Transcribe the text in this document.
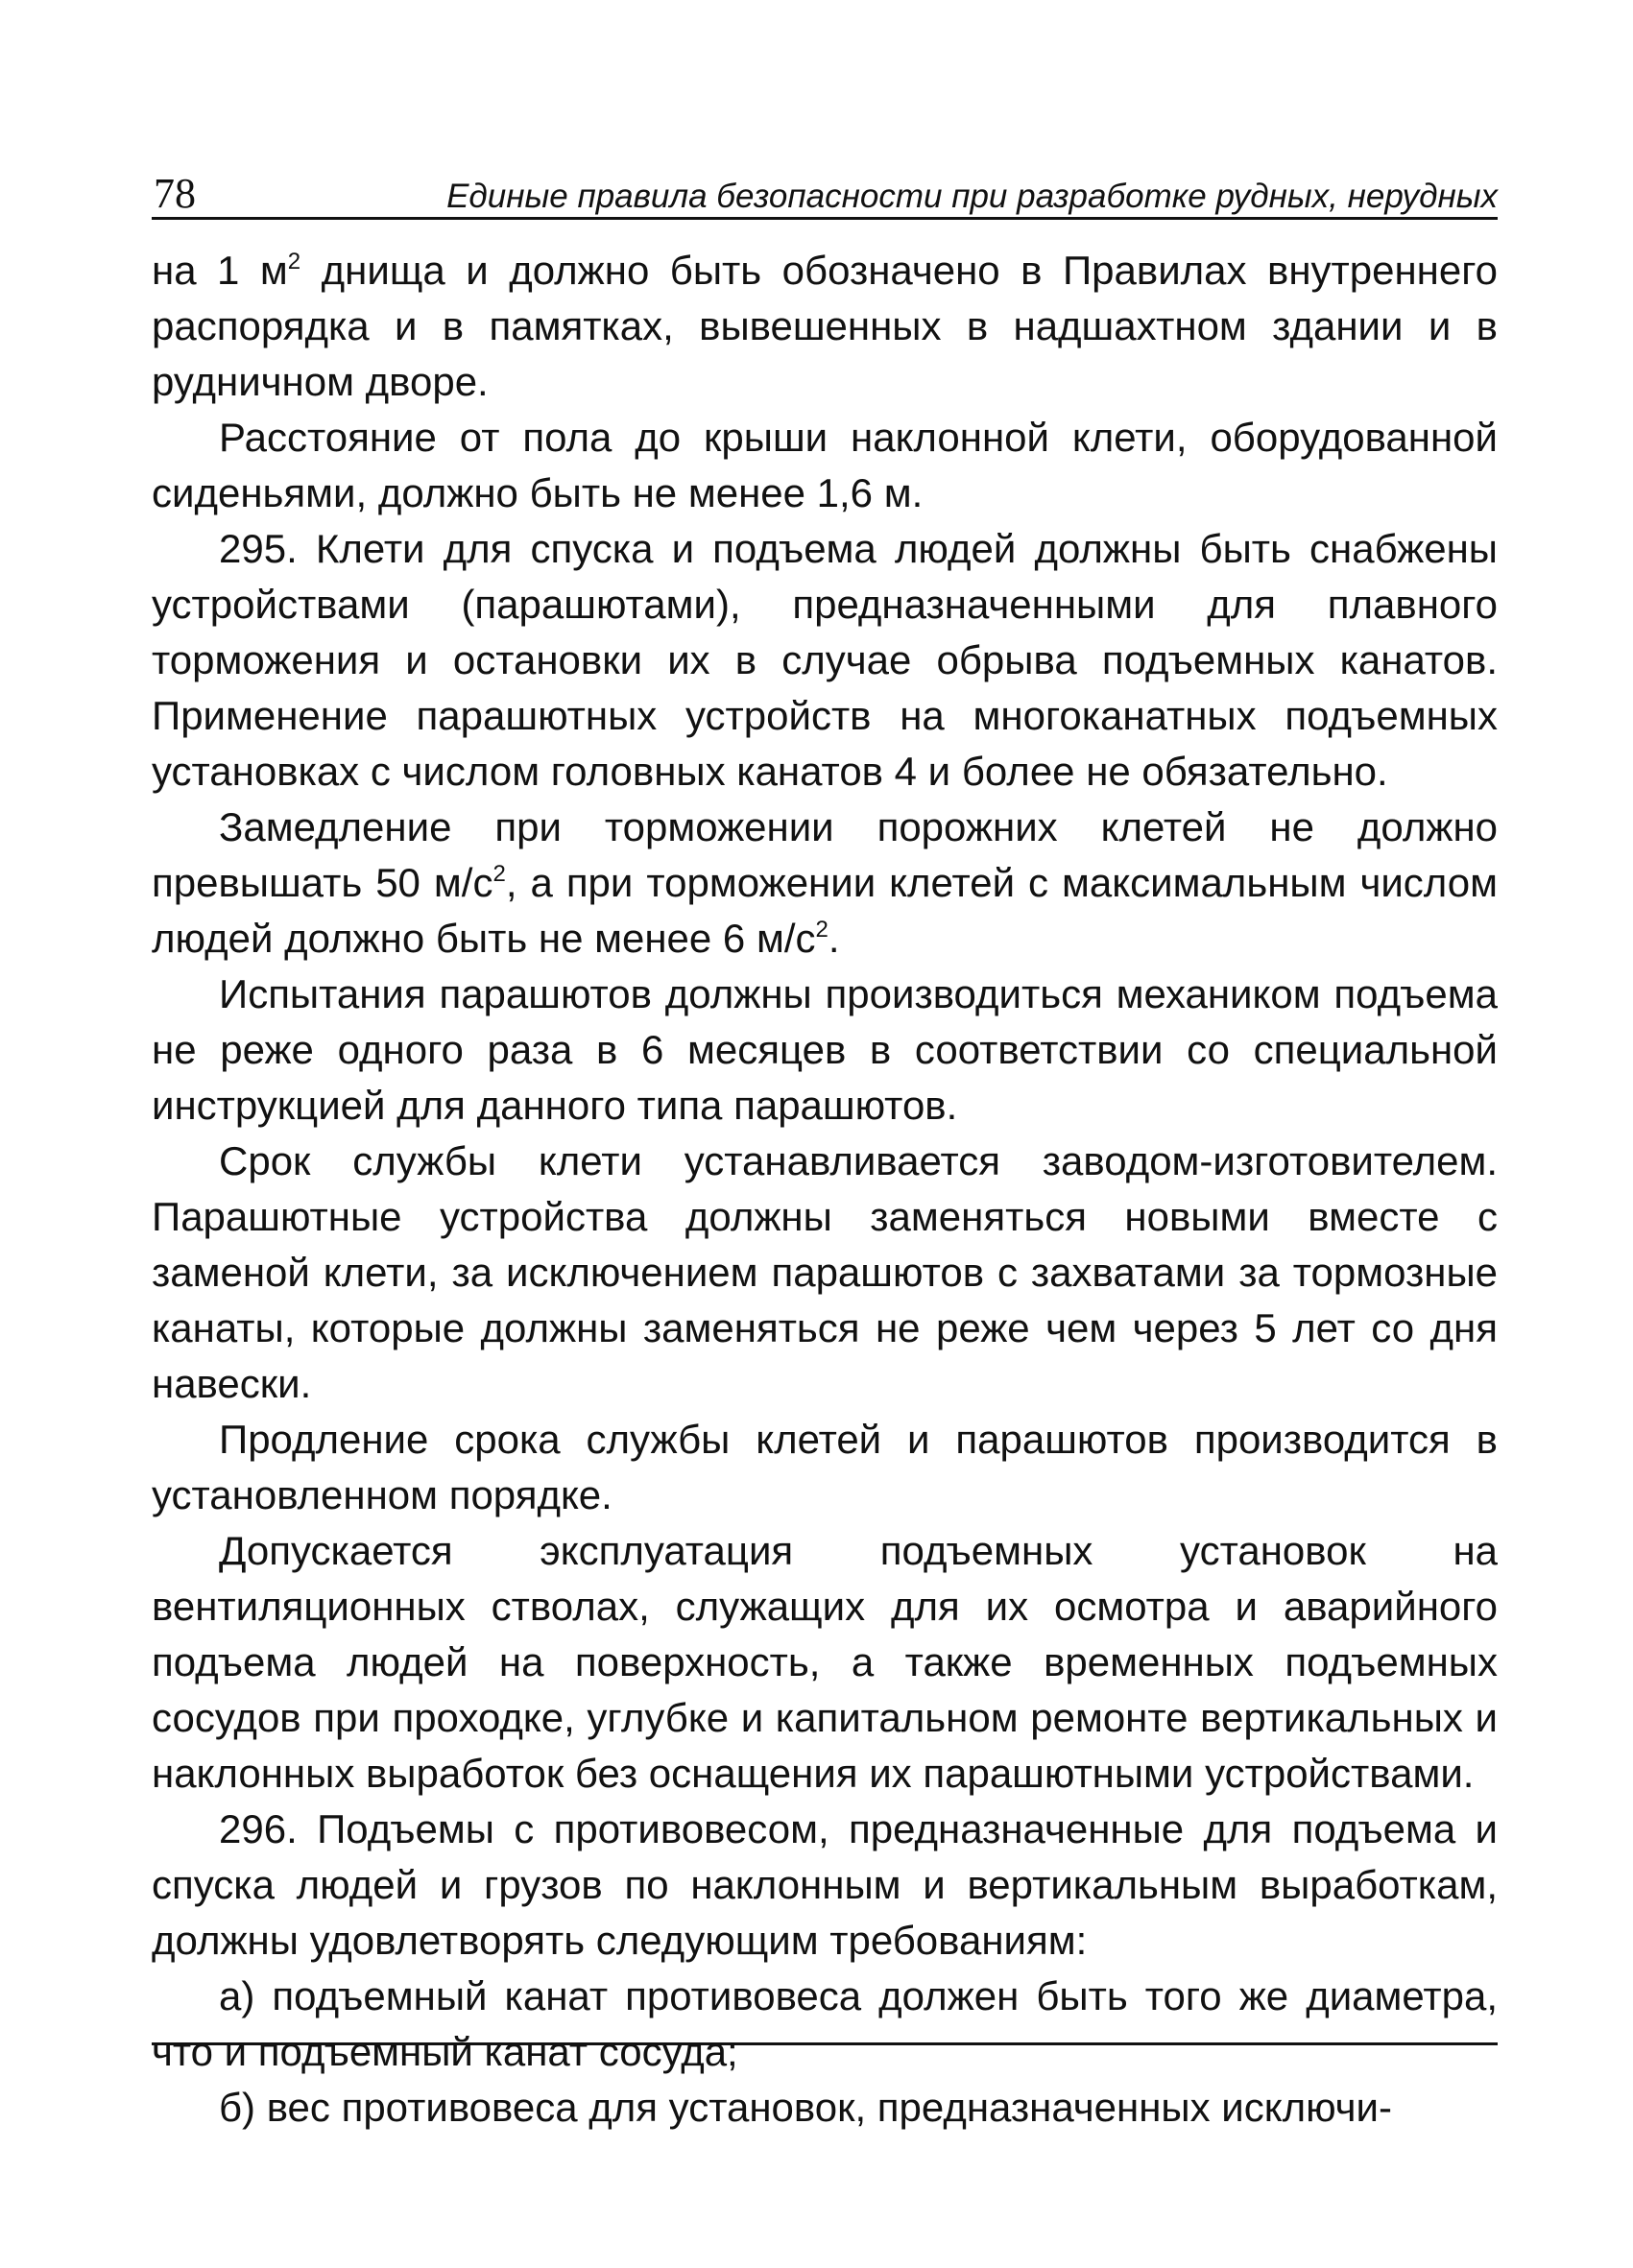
78	Единые правила безопасности при разработке рудных, нерудных

на 1 $м^2$ днища и должно быть обозначено в Правилах внутреннего распорядка и в памятках, вывешенных в надшахтном здании и в рудничном дворе.

Расстояние от пола до крыши наклонной клети, оборудованной сиденьями, должно быть не менее 1,6 м.

295. Клети для спуска и подъема людей должны быть снабжены устройствами (парашютами), предназначенными для плавного торможения и остановки их в случае обрыва подъемных канатов. Применение парашютных устройств на многоканатных подъемных установках с числом головных канатов 4 и более не обязательно.

Замедление при торможении порожних клетей не должно превышать 50 $м/с^2$, а при торможении клетей с максимальным числом людей должно быть не менее 6 $м/с^2$.

Испытания парашютов должны производиться механиком подъема не реже одного раза в 6 месяцев в соответствии со специальной инструкцией для данного типа парашютов.

Срок службы клети устанавливается заводом-изготовителем. Парашютные устройства должны заменяться новыми вместе с заменой клети, за исключением парашютов с захватами за тормозные канаты, которые должны заменяться не реже чем через 5 лет со дня навески.

Продление срока службы клетей и парашютов производится в установленном порядке.

Допускается эксплуатация подъемных установок на вентиляционных стволах, служащих для их осмотра и аварийного подъема людей на поверхность, а также временных подъемных сосудов при проходке, углубке и капитальном ремонте вертикальных и наклонных выработок без оснащения их парашютными устройствами.

296. Подъемы с противовесом, предназначенные для подъема и спуска людей и грузов по наклонным и вертикальным выработкам, должны удовлетворять следующим требованиям:

а) подъемный канат противовеса должен быть того же диаметра, что и подъемный канат сосуда;

б) вес противовеса для установок, предназначенных исключи-
